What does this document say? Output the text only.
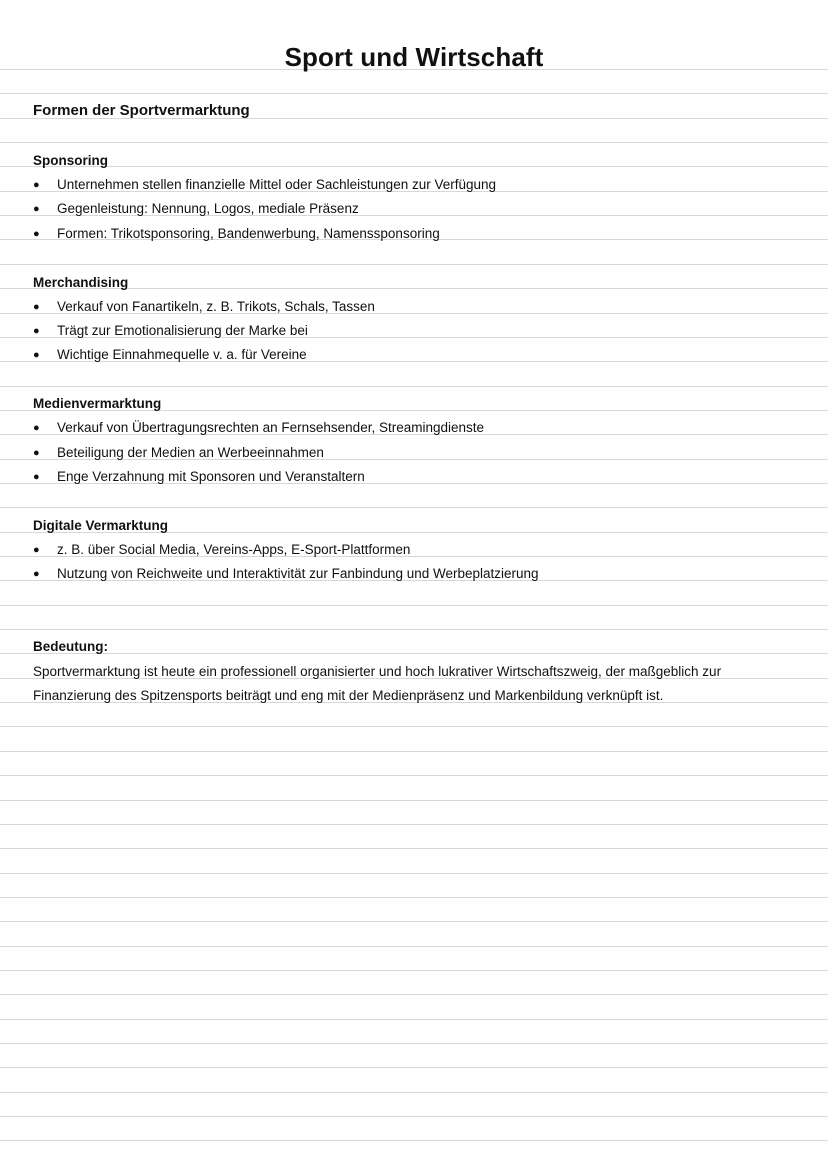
Sport und Wirtschaft
Formen der Sportvermarktung
Sponsoring
● Unternehmen stellen finanzielle Mittel oder Sachleistungen zur Verfügung
● Gegenleistung: Nennung, Logos, mediale Präsenz
● Formen: Trikotsponsoring, Bandenwerbung, Namenssponsoring
Merchandising
● Verkauf von Fanartikeln, z. B. Trikots, Schals, Tassen
● Trägt zur Emotionalisierung der Marke bei
● Wichtige Einnahmequelle v. a. für Vereine
Medienvermarktung
● Verkauf von Übertragungsrechten an Fernsehsender, Streamingdienste
● Beteiligung der Medien an Werbeeinnahmen
● Enge Verzahnung mit Sponsoren und Veranstaltern
Digitale Vermarktung
● z. B. über Social Media, Vereins-Apps, E-Sport-Plattformen
● Nutzung von Reichweite und Interaktivität zur Fanbindung und Werbeplatzierung
Bedeutung:
Sportvermarktung ist heute ein professionell organisierter und hoch lukrativer Wirtschaftszweig, der maßgeblich zur
Finanzierung des Spitzensports beiträgt und eng mit der Medienpräsenz und Markenbildung verknüpft ist.
